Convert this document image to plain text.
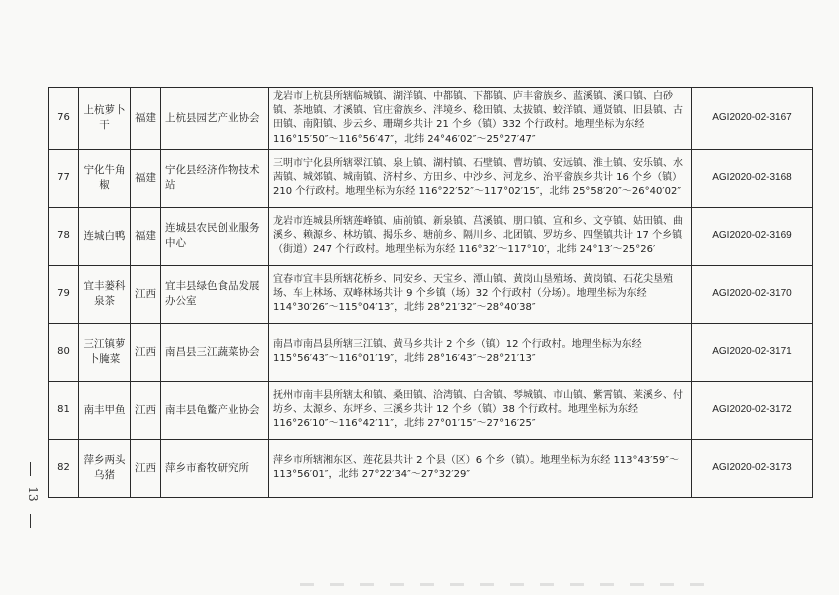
76	上杭萝卜干	福建	上杭县园艺产业协会	龙岩市上杭县所辖临城镇、湖洋镇、中都镇、下都镇、庐丰畲族乡、蓝溪镇、溪口镇、白砂镇、茶地镇、才溪镇、官庄畲族乡、泮境乡、稔田镇、太拔镇、蛟洋镇、通贤镇、旧县镇、古田镇、南阳镇、步云乡、珊瑚乡共计 21 个乡（镇）332 个行政村。地理坐标为东经 116°15′50″～116°56′47″，北纬 24°46′02″～25°27′47″	AGI2020-02-3167
77	宁化牛角椒	福建	宁化县经济作物技术站	三明市宁化县所辖翠江镇、泉上镇、湖村镇、石壁镇、曹坊镇、安远镇、淮土镇、安乐镇、水茜镇、城郊镇、城南镇、济村乡、方田乡、中沙乡、河龙乡、治平畲族乡共计 16 个乡（镇）210 个行政村。地理坐标为东经 116°22′52″～117°02′15″，北纬 25°58′20″～26°40′02″	AGI2020-02-3168
78	连城白鸭	福建	连城县农民创业服务中心	龙岩市连城县所辖莲峰镇、庙前镇、新泉镇、莒溪镇、朋口镇、宣和乡、文亨镇、姑田镇、曲溪乡、赖源乡、林坊镇、揭乐乡、塘前乡、隔川乡、北团镇、罗坊乡、四堡镇共计 17 个乡镇（街道）247 个行政村。地理坐标为东经 116°32′～117°10′，北纬 24°13′～25°26′	AGI2020-02-3169
79	宜丰蒌科泉茶	江西	宜丰县绿色食品发展办公室	宜春市宜丰县所辖花桥乡、同安乡、天宝乡、潭山镇、黄岗山垦殖场、黄岗镇、石花尖垦殖场、车上林场、双峰林场共计 9 个乡镇（场）32 个行政村（分场）。地理坐标为东经 114°30′26″～115°04′13″，北纬 28°21′32″～28°40′38″	AGI2020-02-3170
80	三江镇萝卜腌菜	江西	南昌县三江蔬菜协会	南昌市南昌县所辖三江镇、黄马乡共计 2 个乡（镇）12 个行政村。地理坐标为东经 115°56′43″～116°01′19″，北纬 28°16′43″～28°21′13″	AGI2020-02-3171
81	南丰甲鱼	江西	南丰县龟鳖产业协会	抚州市南丰县所辖太和镇、桑田镇、洽湾镇、白舍镇、琴城镇、市山镇、紫霄镇、莱溪乡、付坊乡、太源乡、东坪乡、三溪乡共计 12 个乡（镇）38 个行政村。地理坐标为东经 116°26′10″～116°42′11″，北纬 27°01′15″～27°16′25″	AGI2020-02-3172
82	萍乡两头乌猪	江西	萍乡市畜牧研究所	萍乡市所辖湘东区、莲花县共计 2 个县（区）6 个乡（镇）。地理坐标为东经 113°43′59″～113°56′01″，北纬 27°22′34″～27°32′29″	AGI2020-02-3173
13
